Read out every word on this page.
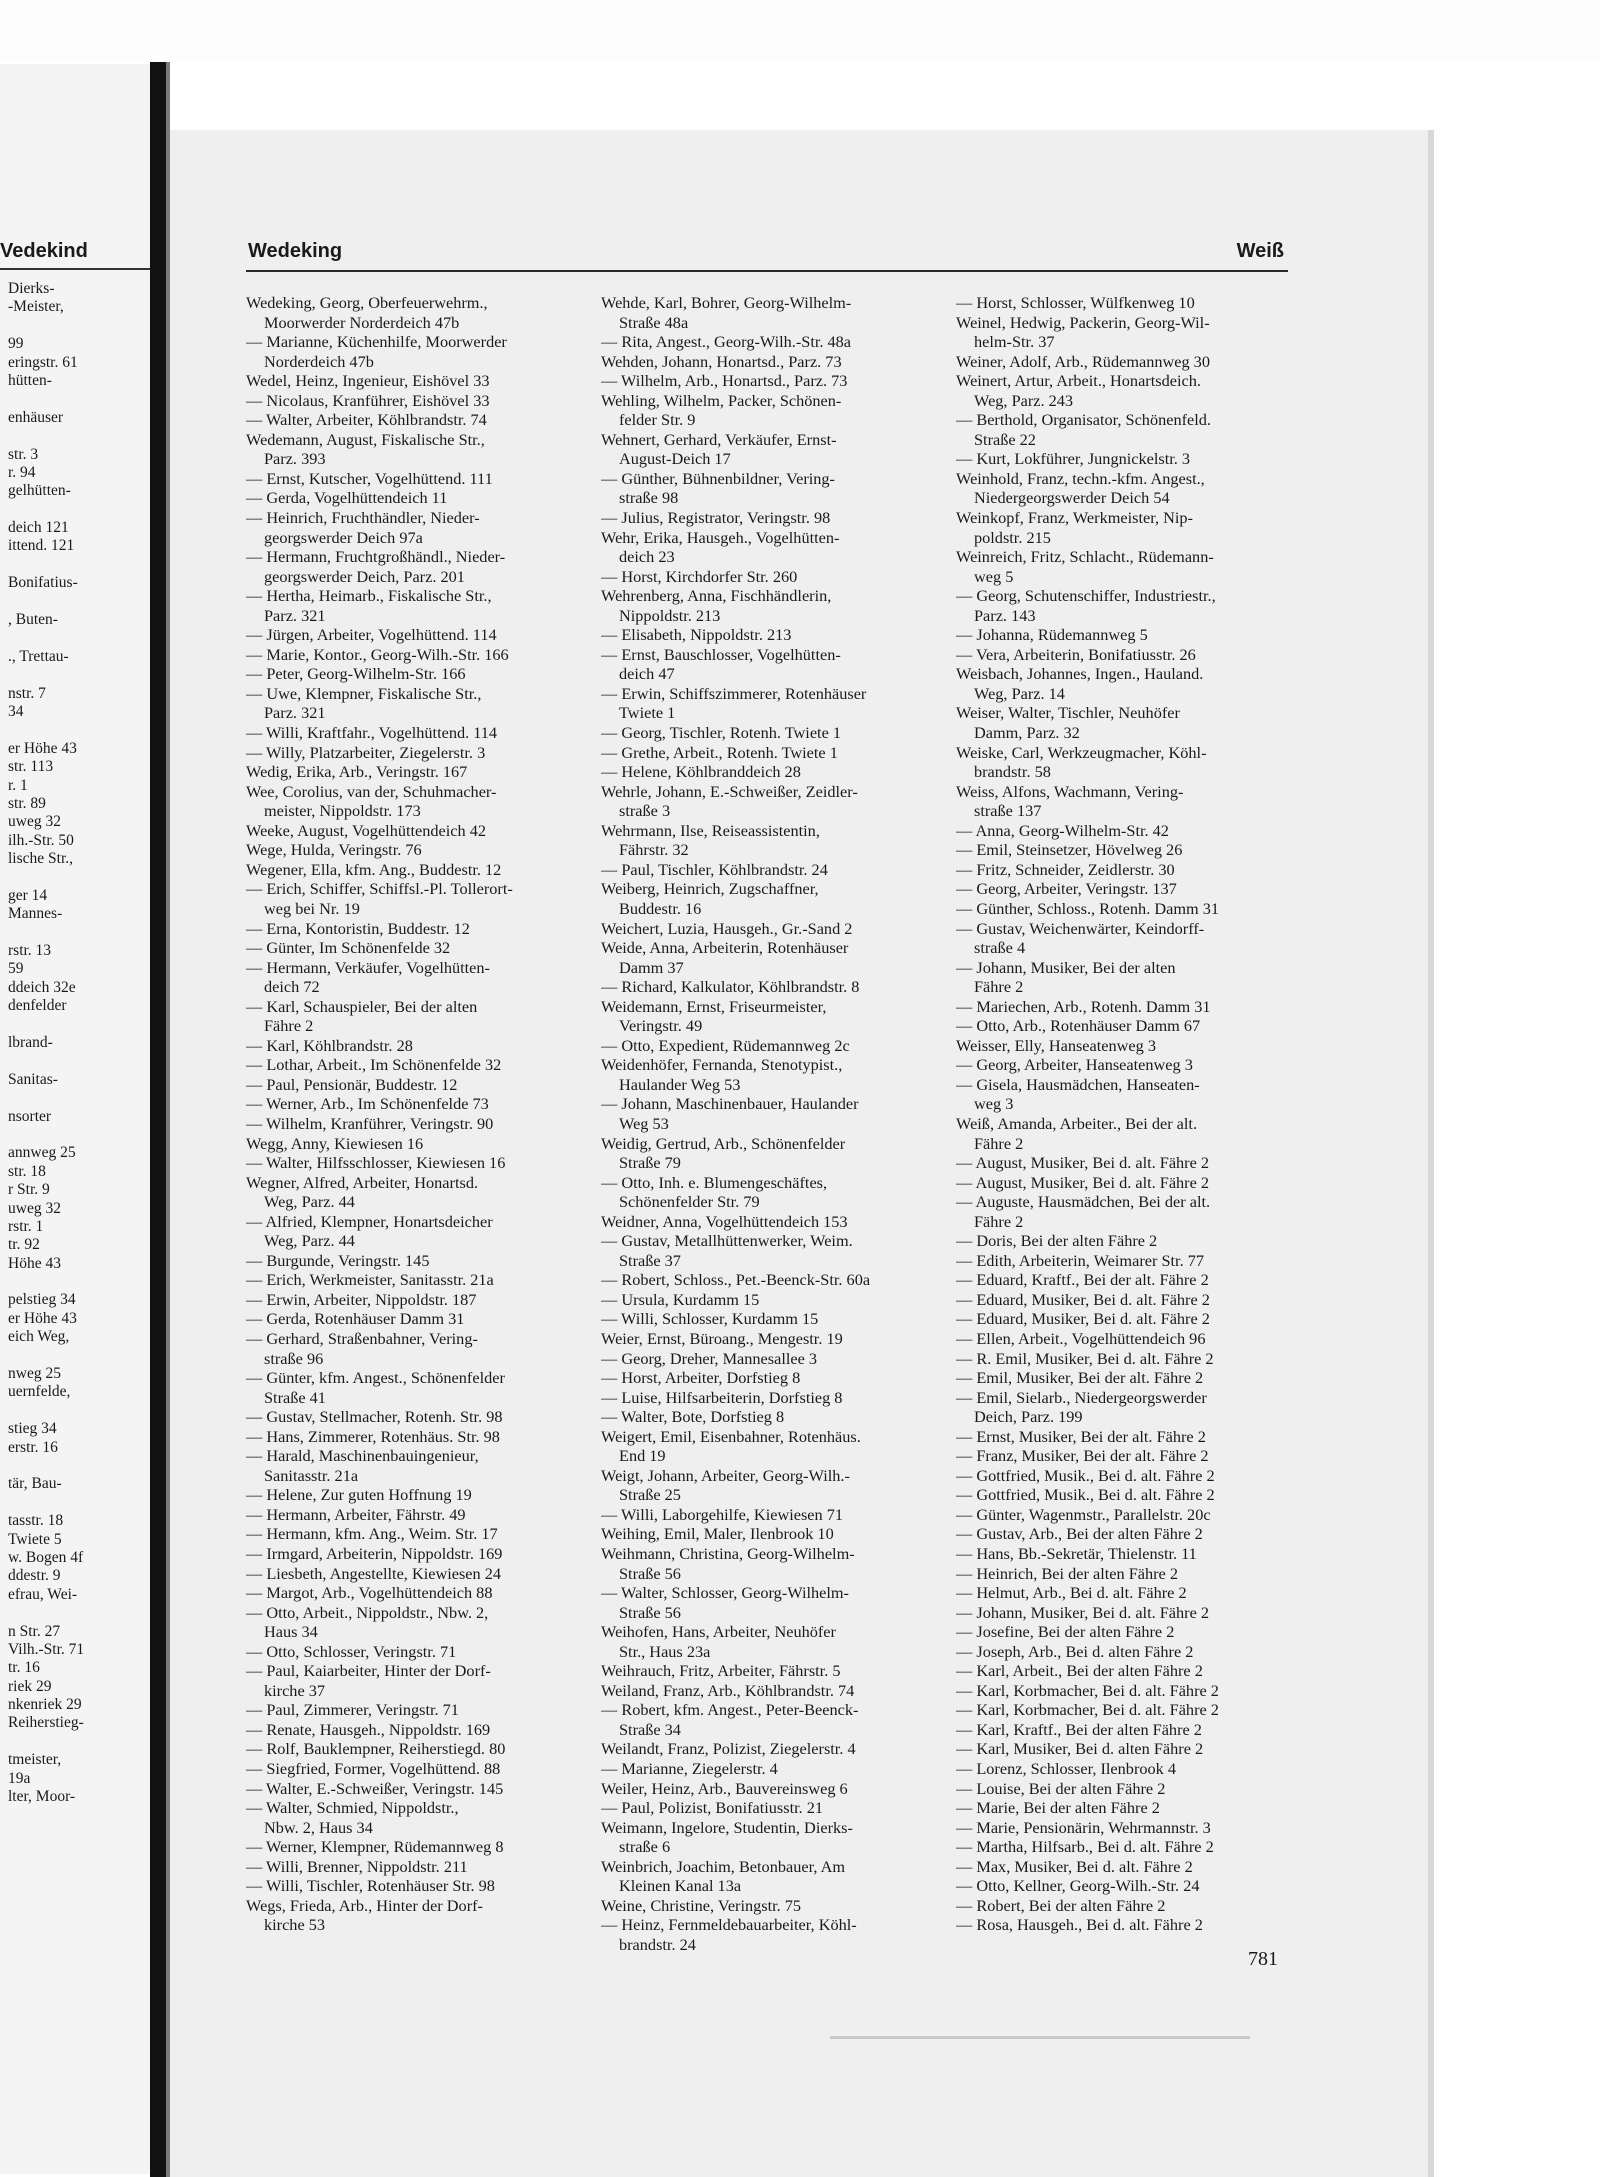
Vedekind
Dierks-
-Meister,
99
eringstr. 61
hütten-
enhäuser
str. 3
r. 94
gelhütten-
deich 121
ittend. 121
Bonifatius-
, Buten-
., Trettau-
nstr. 7
34
er Höhe 43
str. 113
r. 1
str. 89
uweg 32
ilh.-Str. 50
lische Str.,
ger 14
Mannes-
rstr. 13
59
ddeich 32e
denfelder
lbrand-
Sanitas-
nsorter
annweg 25
str. 18
r Str. 9
uweg 32
rstr. 1
tr. 92
Höhe 43
pelstieg 34
er Höhe 43
eich Weg,
nweg 25
uernfelde,
stieg 34
erstr. 16
tär, Bau-
tasstr. 18
Twiete 5
w. Bogen 4f
ddestr. 9
efrau, Wei-
n Str. 27
Vilh.-Str. 71
tr. 16
riek 29
nkenriek 29
Reiherstieg-
tmeister,
19a
lter, Moor-
Wedeking	Weiß
Wedeking, Georg, Oberfeuerwehrm.,
Moorwerder Norderdeich 47b
— Marianne, Küchenhilfe, Moorwerder
Norderdeich 47b
Wedel, Heinz, Ingenieur, Eishövel 33
— Nicolaus, Kranführer, Eishövel 33
— Walter, Arbeiter, Köhlbrandstr. 74
Wedemann, August, Fiskalische Str.,
Parz. 393
— Ernst, Kutscher, Vogelhüttend. 111
— Gerda, Vogelhüttendeich 11
— Heinrich, Fruchthändler, Nieder-
georgswerder Deich 97a
— Hermann, Fruchtgroßhändl., Nieder-
georgswerder Deich, Parz. 201
— Hertha, Heimarb., Fiskalische Str.,
Parz. 321
— Jürgen, Arbeiter, Vogelhüttend. 114
— Marie, Kontor., Georg-Wilh.-Str. 166
— Peter, Georg-Wilhelm-Str. 166
— Uwe, Klempner, Fiskalische Str.,
Parz. 321
— Willi, Kraftfahr., Vogelhüttend. 114
— Willy, Platzarbeiter, Ziegelerstr. 3
Wedig, Erika, Arb., Veringstr. 167
Wee, Corolius, van der, Schuhmacher-
meister, Nippoldstr. 173
Weeke, August, Vogelhüttendeich 42
Wege, Hulda, Veringstr. 76
Wegener, Ella, kfm. Ang., Buddestr. 12
— Erich, Schiffer, Schiffsl.-Pl. Tollerort-
weg bei Nr. 19
— Erna, Kontoristin, Buddestr. 12
— Günter, Im Schönenfelde 32
— Hermann, Verkäufer, Vogelhütten-
deich 72
— Karl, Schauspieler, Bei der alten
Fähre 2
— Karl, Köhlbrandstr. 28
— Lothar, Arbeit., Im Schönenfelde 32
— Paul, Pensionär, Buddestr. 12
— Werner, Arb., Im Schönenfelde 73
— Wilhelm, Kranführer, Veringstr. 90
Wegg, Anny, Kiewiesen 16
— Walter, Hilfsschlosser, Kiewiesen 16
Wegner, Alfred, Arbeiter, Honartsd.
Weg, Parz. 44
— Alfried, Klempner, Honartsdeicher
Weg, Parz. 44
— Burgunde, Veringstr. 145
— Erich, Werkmeister, Sanitasstr. 21a
— Erwin, Arbeiter, Nippoldstr. 187
— Gerda, Rotenhäuser Damm 31
— Gerhard, Straßenbahner, Vering-
straße 96
— Günter, kfm. Angest., Schönenfelder
Straße 41
— Gustav, Stellmacher, Rotenh. Str. 98
— Hans, Zimmerer, Rotenhäus. Str. 98
— Harald, Maschinenbauingenieur,
Sanitasstr. 21a
— Helene, Zur guten Hoffnung 19
— Hermann, Arbeiter, Fährstr. 49
— Hermann, kfm. Ang., Weim. Str. 17
— Irmgard, Arbeiterin, Nippoldstr. 169
— Liesbeth, Angestellte, Kiewiesen 24
— Margot, Arb., Vogelhüttendeich 88
— Otto, Arbeit., Nippoldstr., Nbw. 2,
Haus 34
— Otto, Schlosser, Veringstr. 71
— Paul, Kaiarbeiter, Hinter der Dorf-
kirche 37
— Paul, Zimmerer, Veringstr. 71
— Renate, Hausgeh., Nippoldstr. 169
— Rolf, Bauklempner, Reiherstiegd. 80
— Siegfried, Former, Vogelhüttend. 88
— Walter, E.-Schweißer, Veringstr. 145
— Walter, Schmied, Nippoldstr.,
Nbw. 2, Haus 34
— Werner, Klempner, Rüdemannweg 8
— Willi, Brenner, Nippoldstr. 211
— Willi, Tischler, Rotenhäuser Str. 98
Wegs, Frieda, Arb., Hinter der Dorf-
kirche 53
Wehde, Karl, Bohrer, Georg-Wilhelm-
Straße 48a
— Rita, Angest., Georg-Wilh.-Str. 48a
Wehden, Johann, Honartsd., Parz. 73
— Wilhelm, Arb., Honartsd., Parz. 73
Wehling, Wilhelm, Packer, Schönen-
felder Str. 9
Wehnert, Gerhard, Verkäufer, Ernst-
August-Deich 17
— Günther, Bühnenbildner, Vering-
straße 98
— Julius, Registrator, Veringstr. 98
Wehr, Erika, Hausgeh., Vogelhütten-
deich 23
— Horst, Kirchdorfer Str. 260
Wehrenberg, Anna, Fischhändlerin,
Nippoldstr. 213
— Elisabeth, Nippoldstr. 213
— Ernst, Bauschlosser, Vogelhütten-
deich 47
— Erwin, Schiffszimmerer, Rotenhäuser
Twiete 1
— Georg, Tischler, Rotenh. Twiete 1
— Grethe, Arbeit., Rotenh. Twiete 1
— Helene, Köhlbranddeich 28
Wehrle, Johann, E.-Schweißer, Zeidler-
straße 3
Wehrmann, Ilse, Reiseassistentin,
Fährstr. 32
— Paul, Tischler, Köhlbrandstr. 24
Weiberg, Heinrich, Zugschaffner,
Buddestr. 16
Weichert, Luzia, Hausgeh., Gr.-Sand 2
Weide, Anna, Arbeiterin, Rotenhäuser
Damm 37
— Richard, Kalkulator, Köhlbrandstr. 8
Weidemann, Ernst, Friseurmeister,
Veringstr. 49
— Otto, Expedient, Rüdemannweg 2c
Weidenhöfer, Fernanda, Stenotypist.,
Haulander Weg 53
— Johann, Maschinenbauer, Haulander
Weg 53
Weidig, Gertrud, Arb., Schönenfelder
Straße 79
— Otto, Inh. e. Blumengeschäftes,
Schönenfelder Str. 79
Weidner, Anna, Vogelhüttendeich 153
— Gustav, Metallhüttenwerker, Weim.
Straße 37
— Robert, Schloss., Pet.-Beenck-Str. 60a
— Ursula, Kurdamm 15
— Willi, Schlosser, Kurdamm 15
Weier, Ernst, Büroang., Mengestr. 19
— Georg, Dreher, Mannesallee 3
— Horst, Arbeiter, Dorfstieg 8
— Luise, Hilfsarbeiterin, Dorfstieg 8
— Walter, Bote, Dorfstieg 8
Weigert, Emil, Eisenbahner, Rotenhäus.
End 19
Weigt, Johann, Arbeiter, Georg-Wilh.-
Straße 25
— Willi, Laborgehilfe, Kiewiesen 71
Weihing, Emil, Maler, Ilenbrook 10
Weihmann, Christina, Georg-Wilhelm-
Straße 56
— Walter, Schlosser, Georg-Wilhelm-
Straße 56
Weihofen, Hans, Arbeiter, Neuhöfer
Str., Haus 23a
Weihrauch, Fritz, Arbeiter, Fährstr. 5
Weiland, Franz, Arb., Köhlbrandstr. 74
— Robert, kfm. Angest., Peter-Beenck-
Straße 34
Weilandt, Franz, Polizist, Ziegelerstr. 4
— Marianne, Ziegelerstr. 4
Weiler, Heinz, Arb., Bauvereinsweg 6
— Paul, Polizist, Bonifatiusstr. 21
Weimann, Ingelore, Studentin, Dierks-
straße 6
Weinbrich, Joachim, Betonbauer, Am
Kleinen Kanal 13a
Weine, Christine, Veringstr. 75
— Heinz, Fernmeldebauarbeiter, Köhl-
brandstr. 24
— Horst, Schlosser, Wülfkenweg 10
Weinel, Hedwig, Packerin, Georg-Wil-
helm-Str. 37
Weiner, Adolf, Arb., Rüdemannweg 30
Weinert, Artur, Arbeit., Honartsdeich.
Weg, Parz. 243
— Berthold, Organisator, Schönenfeld.
Straße 22
— Kurt, Lokführer, Jungnickelstr. 3
Weinhold, Franz, techn.-kfm. Angest.,
Niedergeorgswerder Deich 54
Weinkopf, Franz, Werkmeister, Nip-
poldstr. 215
Weinreich, Fritz, Schlacht., Rüdemann-
weg 5
— Georg, Schutenschiffer, Industriestr.,
Parz. 143
— Johanna, Rüdemannweg 5
— Vera, Arbeiterin, Bonifatiusstr. 26
Weisbach, Johannes, Ingen., Hauland.
Weg, Parz. 14
Weiser, Walter, Tischler, Neuhöfer
Damm, Parz. 32
Weiske, Carl, Werkzeugmacher, Köhl-
brandstr. 58
Weiss, Alfons, Wachmann, Vering-
straße 137
— Anna, Georg-Wilhelm-Str. 42
— Emil, Steinsetzer, Hövelweg 26
— Fritz, Schneider, Zeidlerstr. 30
— Georg, Arbeiter, Veringstr. 137
— Günther, Schloss., Rotenh. Damm 31
— Gustav, Weichenwärter, Keindorff-
straße 4
— Johann, Musiker, Bei der alten
Fähre 2
— Mariechen, Arb., Rotenh. Damm 31
— Otto, Arb., Rotenhäuser Damm 67
Weisser, Elly, Hanseatenweg 3
— Georg, Arbeiter, Hanseatenweg 3
— Gisela, Hausmädchen, Hanseaten-
weg 3
Weiß, Amanda, Arbeiter., Bei der alt.
Fähre 2
— August, Musiker, Bei d. alt. Fähre 2
— August, Musiker, Bei d. alt. Fähre 2
— Auguste, Hausmädchen, Bei der alt.
Fähre 2
— Doris, Bei der alten Fähre 2
— Edith, Arbeiterin, Weimarer Str. 77
— Eduard, Kraftf., Bei der alt. Fähre 2
— Eduard, Musiker, Bei d. alt. Fähre 2
— Eduard, Musiker, Bei d. alt. Fähre 2
— Ellen, Arbeit., Vogelhüttendeich 96
— R. Emil, Musiker, Bei d. alt. Fähre 2
— Emil, Musiker, Bei der alt. Fähre 2
— Emil, Sielarb., Niedergeorgswerder
Deich, Parz. 199
— Ernst, Musiker, Bei der alt. Fähre 2
— Franz, Musiker, Bei der alt. Fähre 2
— Gottfried, Musik., Bei d. alt. Fähre 2
— Gottfried, Musik., Bei d. alt. Fähre 2
— Günter, Wagenmstr., Parallelstr. 20c
— Gustav, Arb., Bei der alten Fähre 2
— Hans, Bb.-Sekretär, Thielenstr. 11
— Heinrich, Bei der alten Fähre 2
— Helmut, Arb., Bei d. alt. Fähre 2
— Johann, Musiker, Bei d. alt. Fähre 2
— Josefine, Bei der alten Fähre 2
— Joseph, Arb., Bei d. alten Fähre 2
— Karl, Arbeit., Bei der alten Fähre 2
— Karl, Korbmacher, Bei d. alt. Fähre 2
— Karl, Korbmacher, Bei d. alt. Fähre 2
— Karl, Kraftf., Bei der alten Fähre 2
— Karl, Musiker, Bei d. alten Fähre 2
— Lorenz, Schlosser, Ilenbrook 4
— Louise, Bei der alten Fähre 2
— Marie, Bei der alten Fähre 2
— Marie, Pensionärin, Wehrmannstr. 3
— Martha, Hilfsarb., Bei d. alt. Fähre 2
— Max, Musiker, Bei d. alt. Fähre 2
— Otto, Kellner, Georg-Wilh.-Str. 24
— Robert, Bei der alten Fähre 2
— Rosa, Hausgeh., Bei d. alt. Fähre 2
781
